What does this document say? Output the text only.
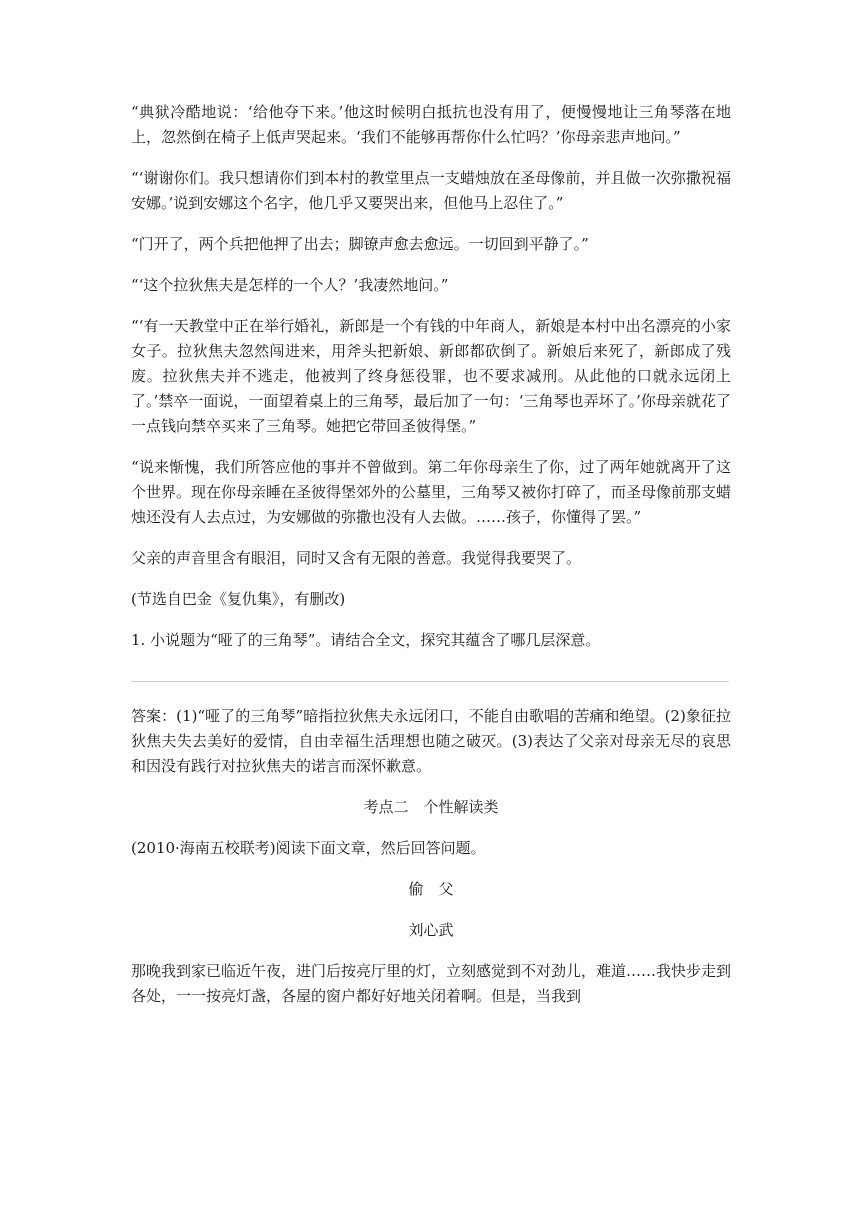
“典狱冷酷地说：‘给他夺下来。’他这时候明白抵抗也没有用了，便慢慢地让三角琴落在地上，忽然倒在椅子上低声哭起来。‘我们不能够再帮你什么忙吗？’你母亲悲声地问。”

“‘谢谢你们。我只想请你们到本村的教堂里点一支蜡烛放在圣母像前，并且做一次弥撒祝福安娜。’说到安娜这个名字，他几乎又要哭出来，但他马上忍住了。”

“门开了，两个兵把他押了出去；脚镣声愈去愈远。一切回到平静了。”

“‘这个拉狄焦夫是怎样的一个人？’我凄然地问。”

“‘有一天教堂中正在举行婚礼，新郎是一个有钱的中年商人，新娘是本村中出名漂亮的小家女子。拉狄焦夫忽然闯进来，用斧头把新娘、新郎都砍倒了。新娘后来死了，新郎成了残废。拉狄焦夫并不逃走，他被判了终身惩役罪，也不要求减刑。从此他的口就永远闭上了。’禁卒一面说，一面望着桌上的三角琴，最后加了一句：‘三角琴也弄坏了。’你母亲就花了一点钱向禁卒买来了三角琴。她把它带回圣彼得堡。”

“说来惭愧，我们所答应他的事并不曾做到。第二年你母亲生了你，过了两年她就离开了这个世界。现在你母亲睡在圣彼得堡郊外的公墓里，三角琴又被你打碎了，而圣母像前那支蜡烛还没有人去点过，为安娜做的弥撒也没有人去做。……孩子，你懂得了罢。”

父亲的声音里含有眼泪，同时又含有无限的善意。我觉得我要哭了。

(节选自巴金《复仇集》，有删改)

1. 小说题为“哑了的三角琴”。请结合全文，探究其蕴含了哪几层深意。

答案：(1)“哑了的三角琴”暗指拉狄焦夫永远闭口，不能自由歌唱的苦痛和绝望。(2)象征拉狄焦夫失去美好的爱情，自由幸福生活理想也随之破灭。(3)表达了父亲对母亲无尽的哀思和因没有践行对拉狄焦夫的诺言而深怀歉意。

考点二　个性解读类

(2010·海南五校联考)阅读下面文章，然后回答问题。

偷　父

刘心武

那晚我到家已临近午夜，进门后按亮厅里的灯，立刻感觉到不对劲儿，难道……我快步走到各处，一一按亮灯盏，各屋的窗户都好好地关闭着啊。但是，当我到
